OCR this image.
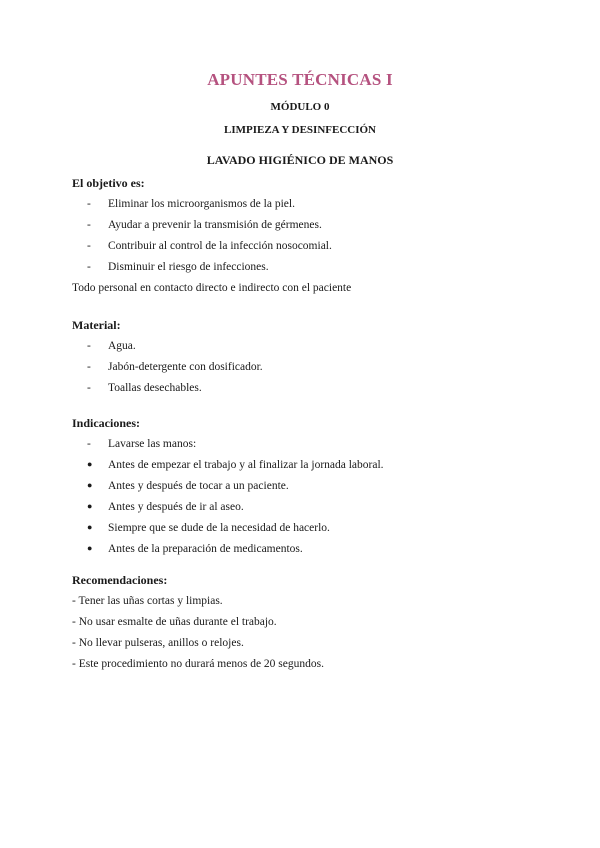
APUNTES TÉCNICAS I
MÓDULO 0
LIMPIEZA Y DESINFECCIÓN
LAVADO HIGIÉNICO DE MANOS
El objetivo es:
- Eliminar los microorganismos de la piel.
- Ayudar a prevenir la transmisión de gérmenes.
- Contribuir al control de la infección nosocomial.
- Disminuir el riesgo de infecciones.
Todo personal en contacto directo e indirecto con el paciente
Material:
- Agua.
- Jabón-detergente con dosificador.
- Toallas desechables.
Indicaciones:
- Lavarse las manos:
● Antes de empezar el trabajo y al finalizar la jornada laboral.
● Antes y después de tocar a un paciente.
● Antes y después de ir al aseo.
● Siempre que se dude de la necesidad de hacerlo.
● Antes de la preparación de medicamentos.
Recomendaciones:
- Tener las uñas cortas y limpias.
- No usar esmalte de uñas durante el trabajo.
- No llevar pulseras, anillos o relojes.
- Este procedimiento no durará menos de 20 segundos.
